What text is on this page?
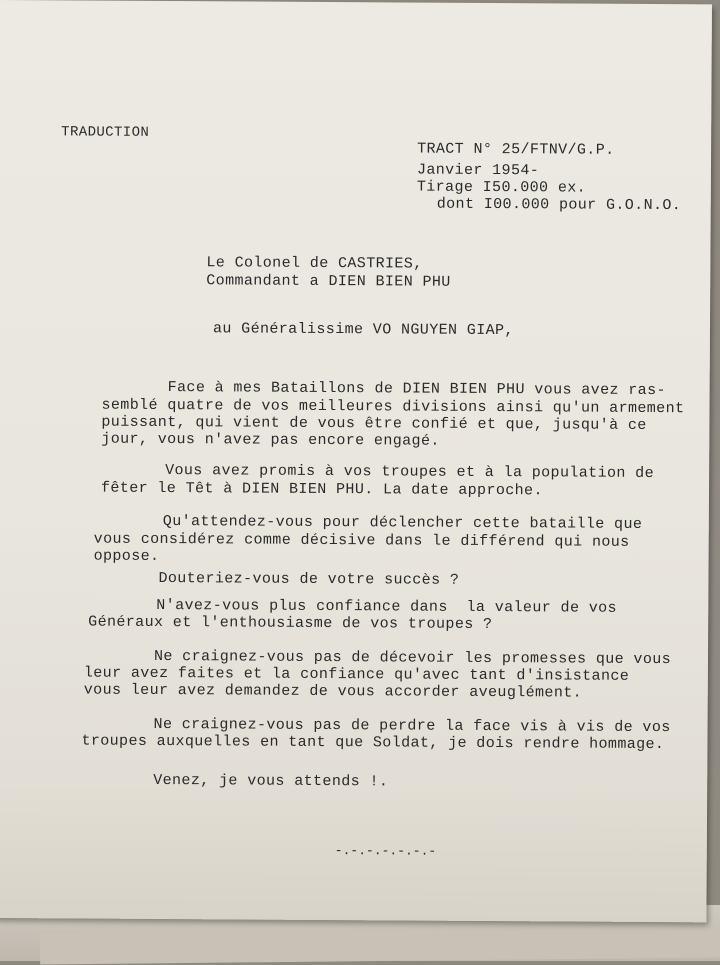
TRADUCTION
TRACT N° 25/FTNV/G.P.
Janvier 1954-
Tirage I50.000 ex.
dont I00.000 pour G.O.N.O.
Le Colonel de CASTRIES,
Commandant a DIEN BIEN PHU
au Généralissime VO NGUYEN GIAP,
Face à mes Bataillons de DIEN BIEN PHU vous avez ras-
semblé quatre de vos meilleures divisions ainsi qu'un armement
puissant, qui vient de vous être confié et que, jusqu'à ce
jour, vous n'avez pas encore engagé.
Vous avez promis à vos troupes et à la population de
fêter le Têt à DIEN BIEN PHU. La date approche.
Qu'attendez-vous pour déclencher cette bataille que
vous considérez comme décisive dans le différend qui nous
oppose.
Douteriez-vous de votre succès ?
N'avez-vous plus confiance dans  la valeur de vos
Généraux et l'enthousiasme de vos troupes ?
Ne craignez-vous pas de décevoir les promesses que vous
leur avez faites et la confiance qu'avec tant d'insistance
vous leur avez demandez de vous accorder aveuglément.
Ne craignez-vous pas de perdre la face vis à vis de vos
troupes auxquelles en tant que Soldat, je dois rendre hommage.
Venez, je vous attends !.
-.-.-.-.-.-.-
